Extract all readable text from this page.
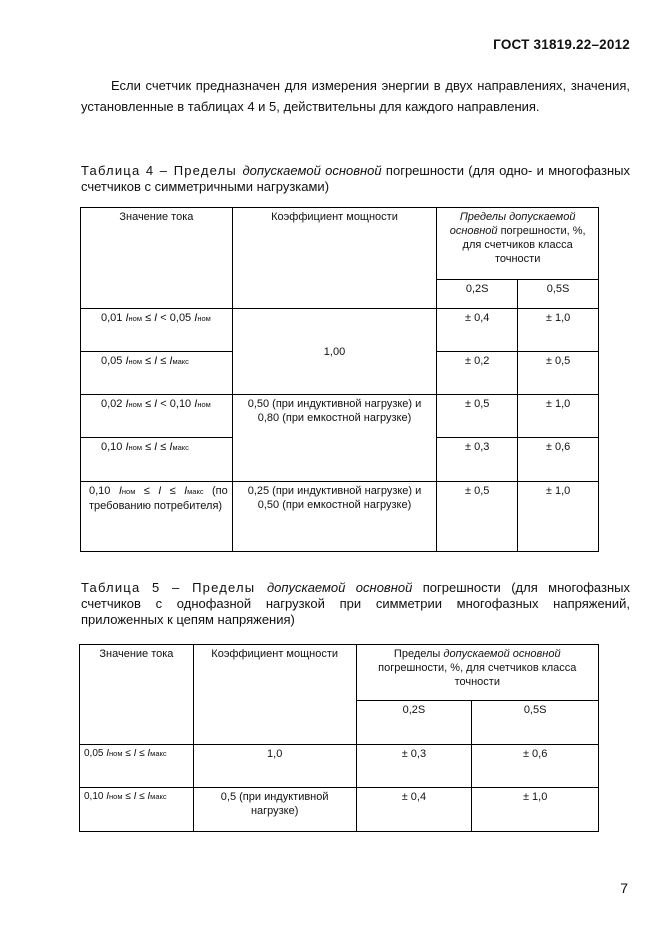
ГОСТ 31819.22–2012

Если счетчик предназначен для измерения энергии в двух направлениях, значения, установленные в таблицах 4 и 5, действительны для каждого направления.

Таблица 4 – Пределы допускаемой основной погрешности (для одно- и многофазных счетчиков с симметричными нагрузками)
Значение тока	Коэффициент мощности	Пределы допускаемой основной погрешности, %, для счетчиков класса точности	
		0,2S	0,5S
0,01 Iном ≤ I < 0,05 Iном	1,00	± 0,4	± 1,0
0,05 Iном ≤ I ≤ Iмакс		± 0,2	± 0,5
0,02 Iном ≤ I < 0,10 Iном	0,50 (при индуктивной нагрузке) и 0,80 (при емкостной нагрузке)	± 0,5	± 1,0
0,10 Iном ≤ I ≤ Iмакс		± 0,3	± 0,6
0,10 Iном ≤ I ≤ Iмакс (по требованию потребителя)	0,25 (при индуктивной нагрузке) и 0,50 (при емкостной нагрузке)	± 0,5	± 1,0
Таблица 5 – Пределы допускаемой основной погрешности (для многофазных счетчиков с однофазной нагрузкой при симметрии многофазных напряжений, приложенных к цепям напряжения)
Значение тока	Коэффициент мощности	Пределы допускаемой основной погрешности, %, для счетчиков класса точности	
		0,2S	0,5S
0,05 Iном ≤ I ≤ Iмакс	1,0	± 0,3	± 0,6
0,10 Iном ≤ I ≤ Iмакс	0,5 (при индуктивной нагрузке)	± 0,4	± 1,0
7
